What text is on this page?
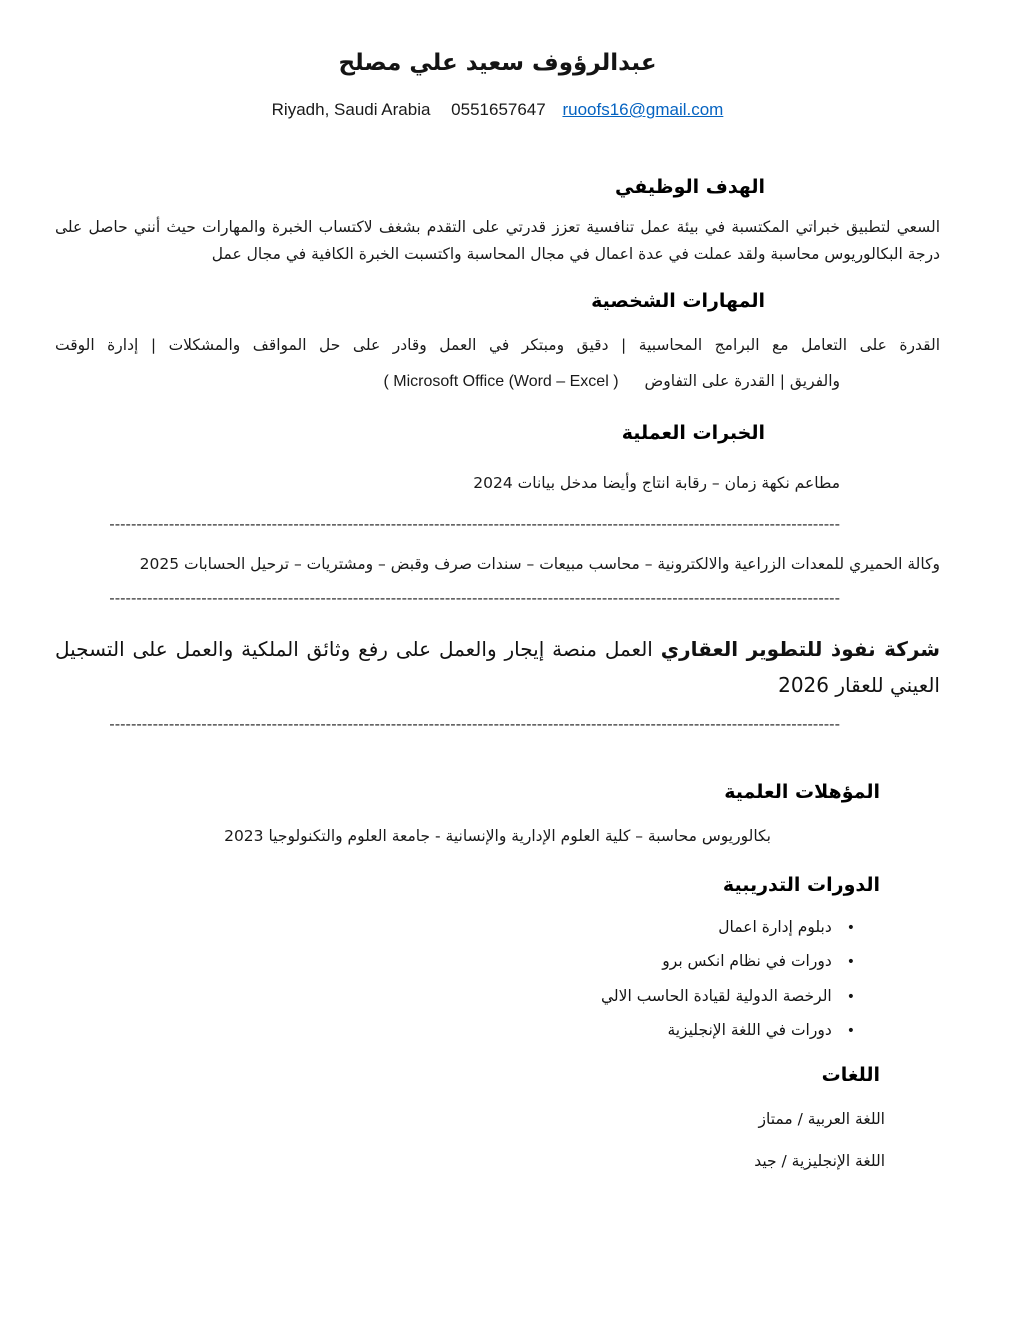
عبدالرؤوف سعيد علي مصلح
Riyadh, Saudi Arabia 0551657647 ruoofs16@gmail.com
الهدف الوظيفي

السعي لتطبيق خبراتي المكتسبة في بيئة عمل تنافسية تعزز قدرتي على التقدم بشغف لاكتساب الخبرة والمهارات حيث أنني حاصل على درجة البكالوريوس محاسبة ولقد عملت في عدة اعمال في مجال المحاسبة واكتسبت الخبرة الكافية في مجال عمل

المهارات الشخصية
القدرة على التعامل مع البرامج المحاسبية | دقيق ومبتكر في العمل وقادر على حل المواقف والمشكلات | إدارة الوقت
والفريق | القدرة على التفاوض( Microsoft Office (Word – Excel )
الخبرات العملية

مطاعم نكهة زمان – رقابة انتاج وأيضا مدخل بيانات 2024

---------------------------------------------------------------------------------------------------------------------------------------

وكالة الحميري للمعدات الزراعية والالكترونية – محاسب مبيعات – سندات صرف وقبض – ومشتريات – ترحيل الحسابات 2025

---------------------------------------------------------------------------------------------------------------------------------------

شركة نفوذ للتطوير العقاري العمل منصة إيجار والعمل على رفع وثائق الملكية والعمل على التسجيل العيني للعقار 2026

---------------------------------------------------------------------------------------------------------------------------------------
المؤهلات العلمية

بكالوريوس محاسبة – كلية العلوم الإدارية والإنسانية - جامعة العلوم والتكنولوجيا 2023

الدورات التدريبية
•دبلوم إدارة اعمال
•دورات في نظام انكس برو
•الرخصة الدولية لقيادة الحاسب الالي
•دورات في اللغة الإنجليزية
اللغات

اللغة العربية / ممتاز

اللغة الإنجليزية / جيد
